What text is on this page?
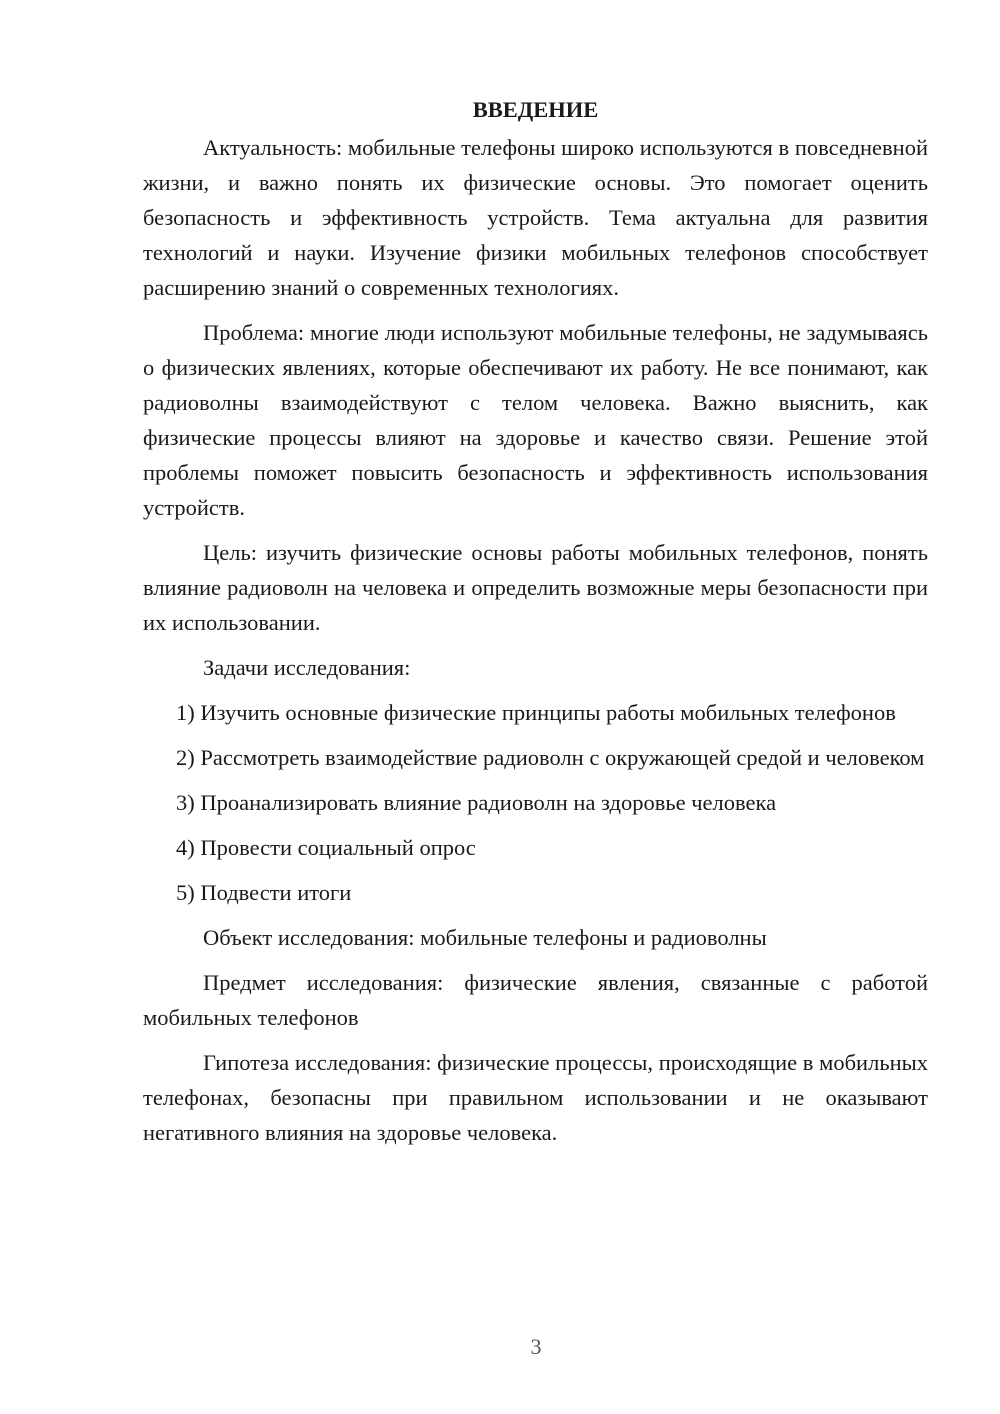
ВВЕДЕНИЕ

Актуальность: мобильные телефоны широко используются в повседневной жизни, и важно понять их физические основы. Это помогает оценить безопасность и эффективность устройств. Тема актуальна для развития технологий и науки. Изучение физики мобильных телефонов способствует расширению знаний о современных технологиях.

Проблема: многие люди используют мобильные телефоны, не задумываясь о физических явлениях, которые обеспечивают их работу. Не все понимают, как радиоволны взаимодействуют с телом человека. Важно выяснить, как физические процессы влияют на здоровье и качество связи. Решение этой проблемы поможет повысить безопасность и эффективность использования устройств.

Цель: изучить физические основы работы мобильных телефонов, понять влияние радиоволн на человека и определить возможные меры безопасности при их использовании.

Задачи исследования:

1) Изучить основные физические принципы работы мобильных телефонов

2) Рассмотреть взаимодействие радиоволн с окружающей средой и человеком

3) Проанализировать влияние радиоволн на здоровье человека

4) Провести социальный опрос

5) Подвести итоги

Объект исследования: мобильные телефоны и радиоволны

Предмет исследования: физические явления, связанные с работой мобильных телефонов

Гипотеза исследования: физические процессы, происходящие в мобильных телефонах, безопасны при правильном использовании и не оказывают негативного влияния на здоровье человека.

3
